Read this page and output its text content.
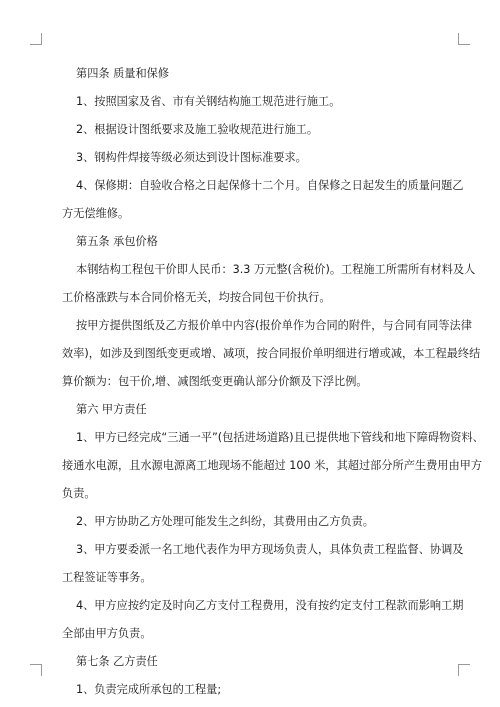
第四条 质量和保修
1、按照国家及省、市有关钢结构施工规范进行施工。
2、根据设计图纸要求及施工验收规范进行施工。
3、钢构件焊接等级必须达到设计图标准要求。
4、保修期：自验收合格之日起保修十二个月。自保修之日起发生的质量问题乙
方无偿维修。
第五条 承包价格
本钢结构工程包干价即人民币：3.3 万元整(含税价)。工程施工所需所有材料及人
工价格涨跌与本合同价格无关，均按合同包干价执行。
按甲方提供图纸及乙方报价单中内容(报价单作为合同的附件，与合同有同等法律
效率)，如涉及到图纸变更或增、减项，按合同报价单明细进行增或减，本工程最终结
算价额为：包干价,增、减图纸变更确认部分价额及下浮比例。
第六 甲方责任
1、甲方已经完成“三通一平”(包括进场道路)且已提供地下管线和地下障碍物资料、
接通水电源，且水源电源离工地现场不能超过 100 米，其超过部分所产生费用由甲方
负责。
2、甲方协助乙方处理可能发生之纠纷，其费用由乙方负责。
3、甲方要委派一名工地代表作为甲方现场负责人，具体负责工程监督、协调及
工程签证等事务。
4、甲方应按约定及时向乙方支付工程费用，没有按约定支付工程款而影响工期
全部由甲方负责。
第七条 乙方责任
1、负责完成所承包的工程量;
